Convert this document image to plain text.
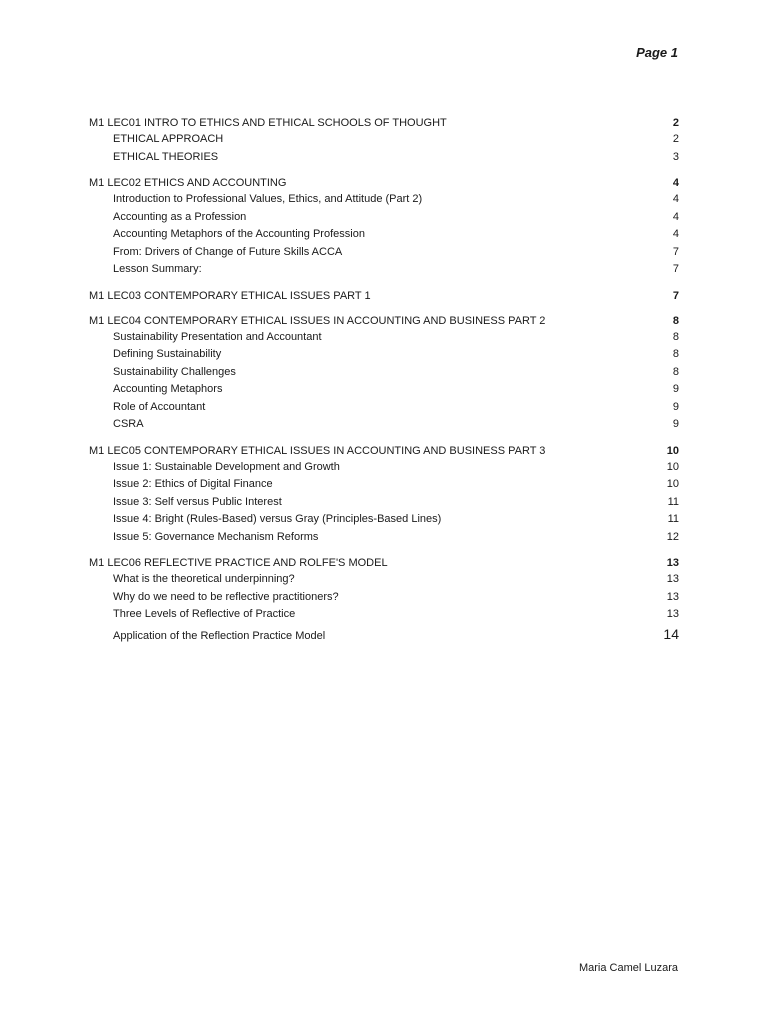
Page 1
M1 LEC01 INTRO TO ETHICS AND ETHICAL SCHOOLS OF THOUGHT	2
ETHICAL APPROACH	2
ETHICAL THEORIES	3
M1 LEC02 ETHICS AND ACCOUNTING	4
Introduction to Professional Values, Ethics, and Attitude (Part 2)	4
Accounting as a Profession	4
Accounting Metaphors of the Accounting Profession	4
From: Drivers of Change of Future Skills ACCA	7
Lesson Summary:	7
M1 LEC03 CONTEMPORARY ETHICAL ISSUES PART 1	7
M1 LEC04 CONTEMPORARY ETHICAL ISSUES IN ACCOUNTING AND BUSINESS PART 2	8
Sustainability Presentation and Accountant	8
Defining Sustainability	8
Sustainability Challenges	8
Accounting Metaphors	9
Role of Accountant	9
CSRA	9
M1 LEC05 CONTEMPORARY ETHICAL ISSUES IN ACCOUNTING AND BUSINESS PART 3	10
Issue 1: Sustainable Development and Growth	10
Issue 2: Ethics of Digital Finance	10
Issue 3: Self versus Public Interest	11
Issue 4: Bright (Rules-Based) versus Gray (Principles-Based Lines)	11
Issue 5: Governance Mechanism Reforms	12
M1 LEC06 REFLECTIVE PRACTICE AND ROLFE'S MODEL	13
What is the theoretical underpinning?	13
Why do we need to be reflective practitioners?	13
Three Levels of Reflective of Practice	13
Application of the Reflection Practice Model	14
Maria Camel Luzara
